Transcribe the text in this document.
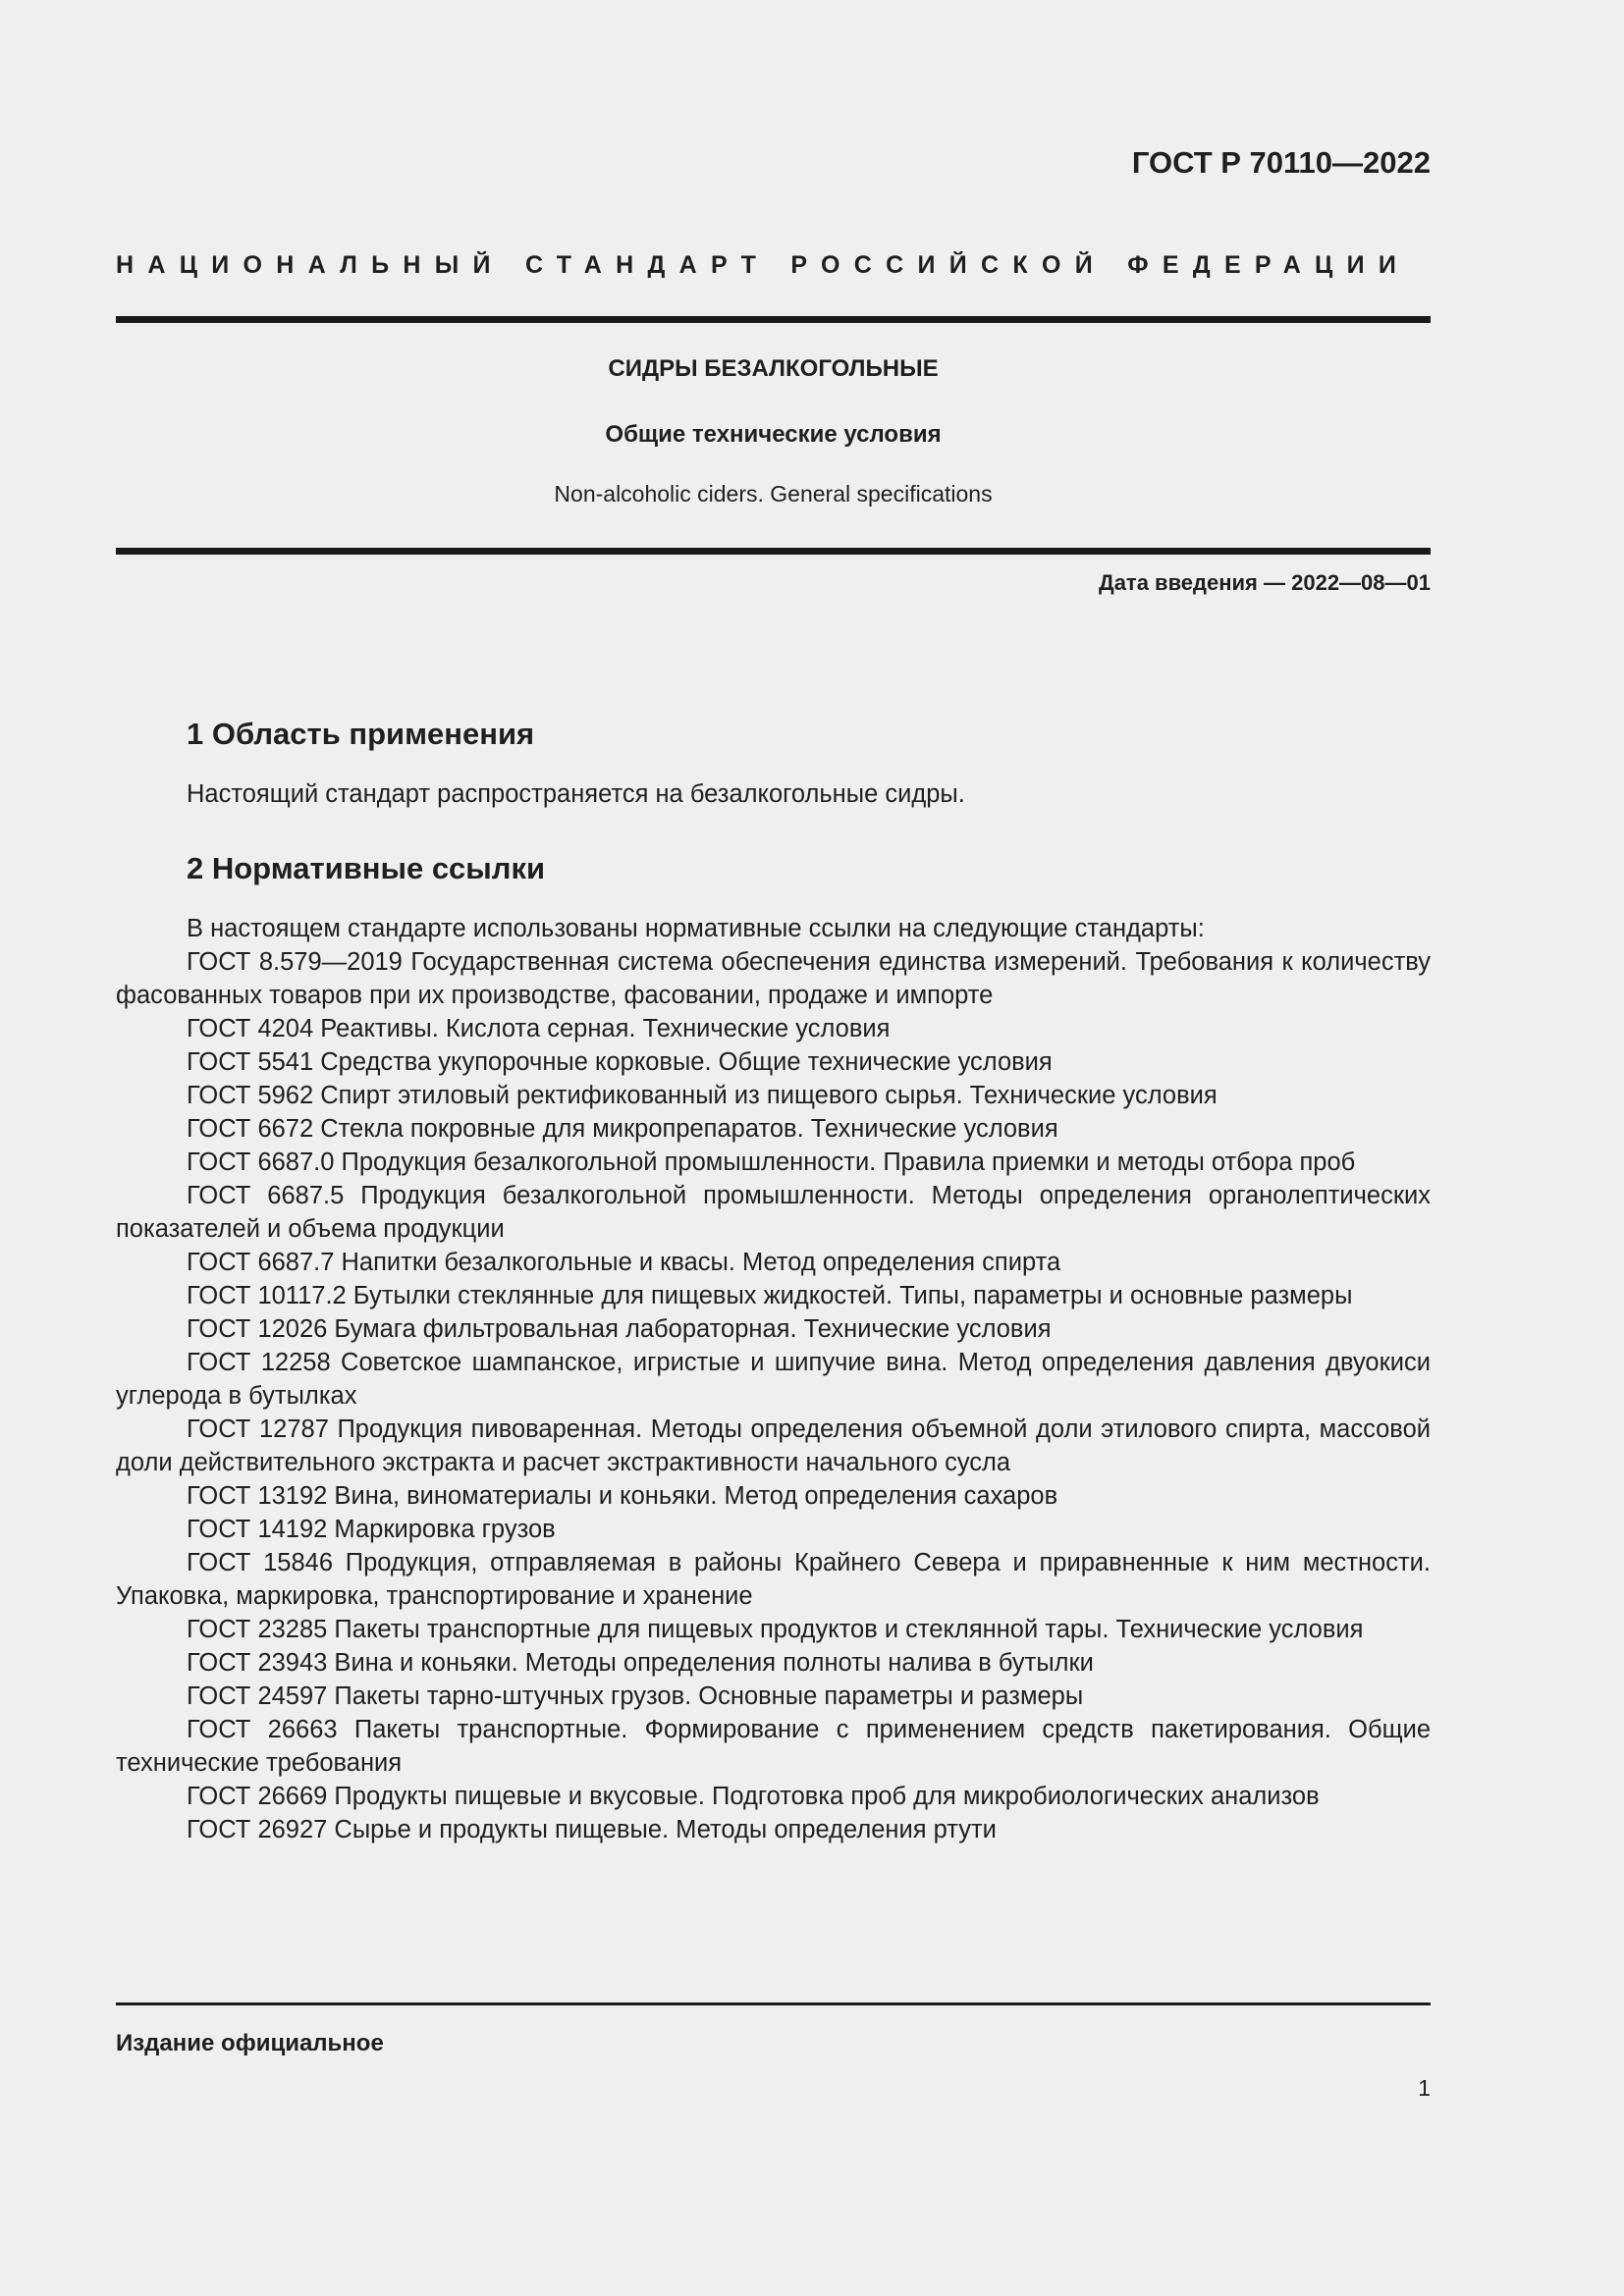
ГОСТ Р 70110—2022
НАЦИОНАЛЬНЫЙ СТАНДАРТ РОССИЙСКОЙ ФЕДЕРАЦИИ
СИДРЫ БЕЗАЛКОГОЛЬНЫЕ
Общие технические условия
Non-alcoholic ciders. General specifications
Дата введения — 2022—08—01
1 Область применения

Настоящий стандарт распространяется на безалкогольные сидры.

2 Нормативные ссылки

В настоящем стандарте использованы нормативные ссылки на следующие стандарты:

ГОСТ 8.579—2019 Государственная система обеспечения единства измерений. Требования к количеству фасованных товаров при их производстве, фасовании, продаже и импорте

ГОСТ 4204 Реактивы. Кислота серная. Технические условия

ГОСТ 5541 Средства укупорочные корковые. Общие технические условия

ГОСТ 5962 Спирт этиловый ректификованный из пищевого сырья. Технические условия

ГОСТ 6672 Стекла покровные для микропрепаратов. Технические условия

ГОСТ 6687.0 Продукция безалкогольной промышленности. Правила приемки и методы отбора проб

ГОСТ 6687.5 Продукция безалкогольной промышленности. Методы определения органолептических показателей и объема продукции

ГОСТ 6687.7 Напитки безалкогольные и квасы. Метод определения спирта

ГОСТ 10117.2 Бутылки стеклянные для пищевых жидкостей. Типы, параметры и основные размеры

ГОСТ 12026 Бумага фильтровальная лабораторная. Технические условия

ГОСТ 12258 Советское шампанское, игристые и шипучие вина. Метод определения давления двуокиси углерода в бутылках

ГОСТ 12787 Продукция пивоваренная. Методы определения объемной доли этилового спирта, массовой доли действительного экстракта и расчет экстрактивности начального сусла

ГОСТ 13192 Вина, виноматериалы и коньяки. Метод определения сахаров

ГОСТ 14192 Маркировка грузов

ГОСТ 15846 Продукция, отправляемая в районы Крайнего Севера и приравненные к ним местности. Упаковка, маркировка, транспортирование и хранение

ГОСТ 23285 Пакеты транспортные для пищевых продуктов и стеклянной тары. Технические условия

ГОСТ 23943 Вина и коньяки. Методы определения полноты налива в бутылки

ГОСТ 24597 Пакеты тарно-штучных грузов. Основные параметры и размеры

ГОСТ 26663 Пакеты транспортные. Формирование с применением средств пакетирования. Общие технические требования

ГОСТ 26669 Продукты пищевые и вкусовые. Подготовка проб для микробиологических анализов

ГОСТ 26927 Сырье и продукты пищевые. Методы определения ртути

Издание официальное
1
